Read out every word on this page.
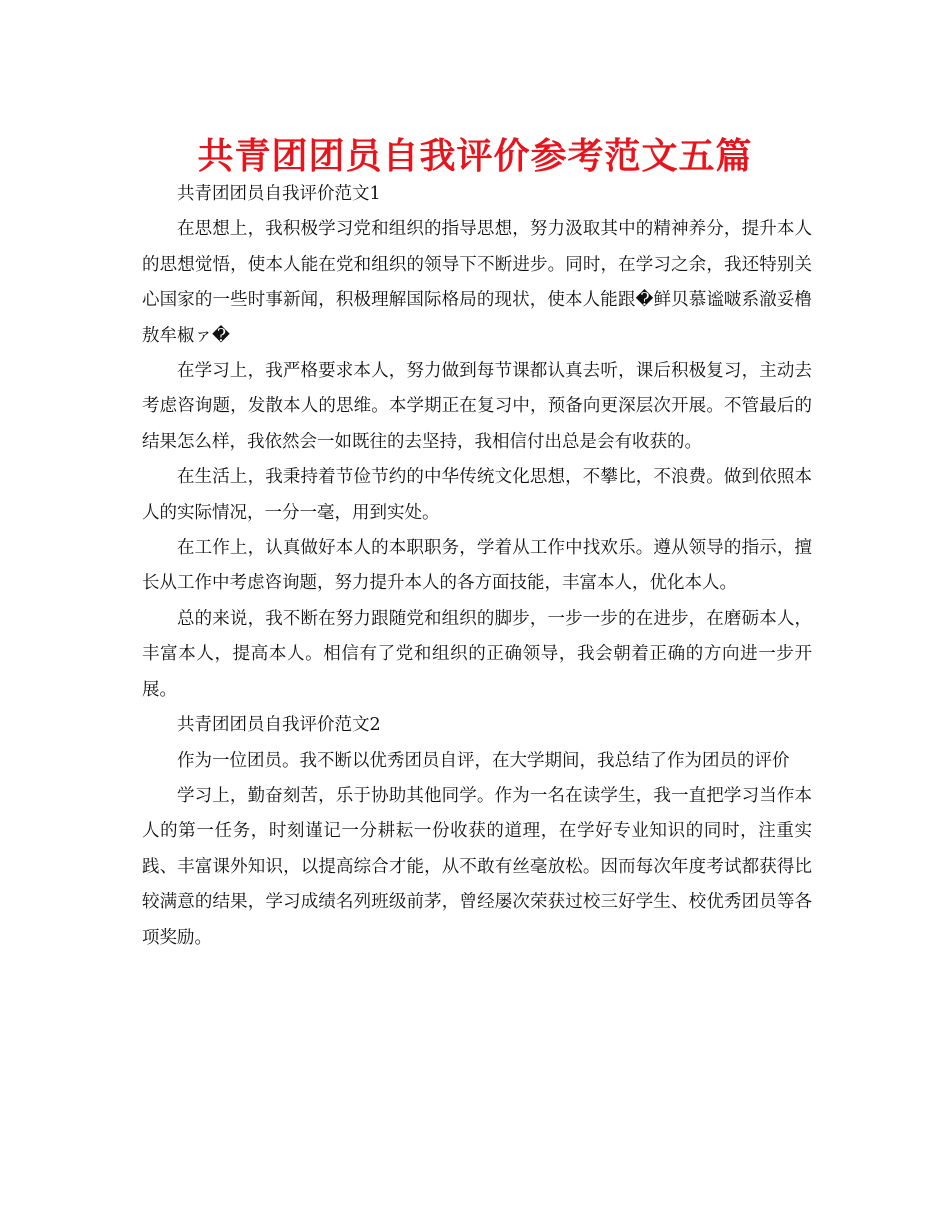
共青团团员自我评价参考范文五篇

共青团团员自我评价范文1

在思想上，我积极学习党和组织的指导思想，努力汲取其中的精神养分，提升本人的思想觉悟，使本人能在党和组织的领导下不断进步。同时，在学习之余，我还特别关心国家的一些时事新闻，积极理解国际格局的现状，使本人能跟�鲜贝慕谧啵系澈妥橹敖牟椒ァ�

在学习上，我严格要求本人，努力做到每节课都认真去听，课后积极复习，主动去考虑咨询题，发散本人的思维。本学期正在复习中，预备向更深层次开展。不管最后的结果怎么样，我依然会一如既往的去坚持，我相信付出总是会有收获的。

在生活上，我秉持着节俭节约的中华传统文化思想，不攀比，不浪费。做到依照本人的实际情况，一分一毫，用到实处。

在工作上，认真做好本人的本职职务，学着从工作中找欢乐。遵从领导的指示，擅长从工作中考虑咨询题，努力提升本人的各方面技能，丰富本人，优化本人。

总的来说，我不断在努力跟随党和组织的脚步，一步一步的在进步，在磨砺本人，丰富本人，提高本人。相信有了党和组织的正确领导，我会朝着正确的方向进一步开展。

共青团团员自我评价范文2

作为一位团员。我不断以优秀团员自评，在大学期间，我总结了作为团员的评价

学习上，勤奋刻苦，乐于协助其他同学。作为一名在读学生，我一直把学习当作本人的第一任务，时刻谨记一分耕耘一份收获的道理，在学好专业知识的同时，注重实践、丰富课外知识，以提高综合才能，从不敢有丝毫放松。因而每次年度考试都获得比较满意的结果，学习成绩名列班级前茅，曾经屡次荣获过校三好学生、校优秀团员等各项奖励。
